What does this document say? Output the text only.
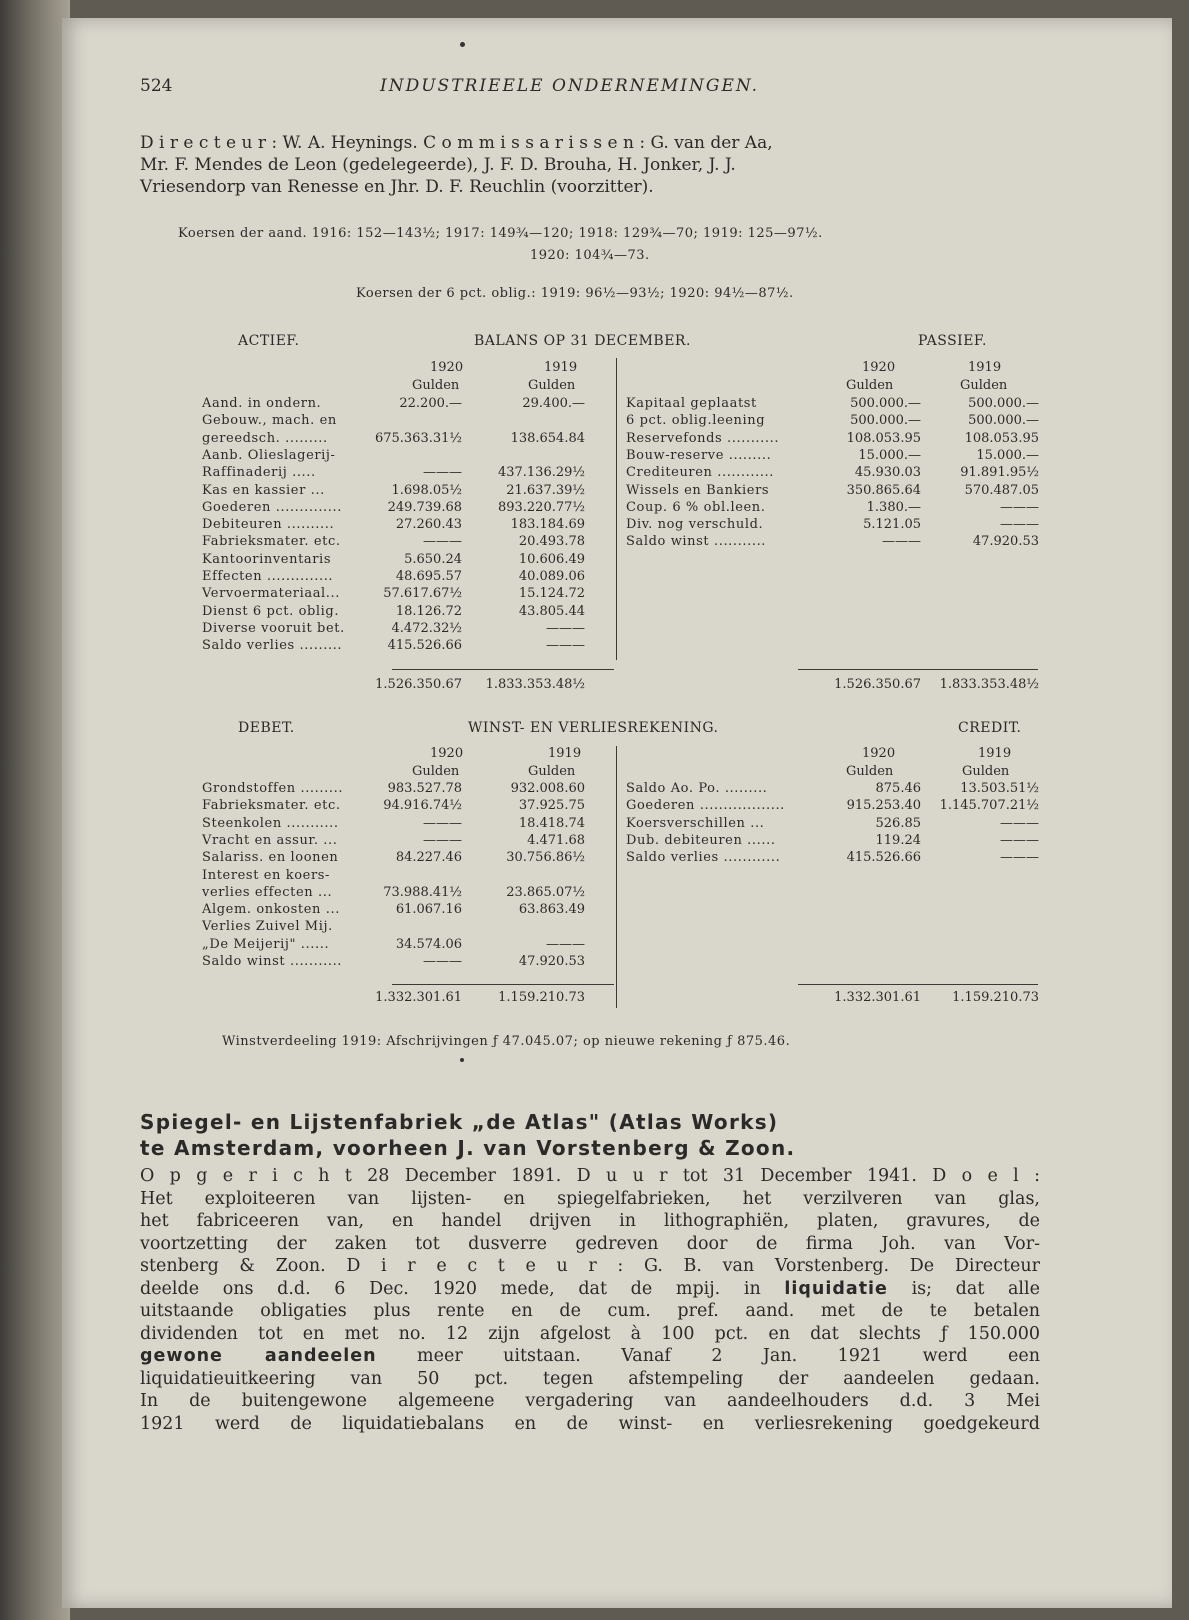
524	INDUSTRIEELE ONDERNEMINGEN.
D i r e c t e u r : W. A. Heynings. C o m m i s s a r i s s e n : G. van der Aa,
Mr. F. Mendes de Leon (gedelegeerde), J. F. D. Brouha, H. Jonker, J. J.
Vriesendorp van Renesse en Jhr. D. F. Reuchlin (voorzitter).
Koersen der aand. 1916: 152—143½; 1917: 149¾—120; 1918: 129¾—70; 1919: 125—97½.
1920: 104¾—73.
Koersen der 6 pct. oblig.: 1919: 96½—93½; 1920: 94½—87½.
ACTIEF.	BALANS OP 31 DECEMBER.	PASSIEF.
1920	1919
Gulden	Gulden
1920	1919
Gulden	Gulden
Aand. in ondern.	22.200.—	29.400.—
Gebouw., mach. en
gereedsch. .........	675.363.31½	138.654.84
Aanb. Olieslagerij-
Raffinaderij .....	———	437.136.29½
Kas en kassier ...	1.698.05½	21.637.39½
Goederen ..............	249.739.68	893.220.77½
Debiteuren ..........	27.260.43	183.184.69
Fabrieksmater. etc.	———	20.493.78
Kantoorinventaris	5.650.24	10.606.49
Effecten ..............	48.695.57	40.089.06
Vervoermateriaal...	57.617.67½	15.124.72
Dienst 6 pct. oblig.	18.126.72	43.805.44
Diverse vooruit bet.	4.472.32½	———
Saldo verlies .........	415.526.66	———
Kapitaal geplaatst	500.000.—	500.000.—
6 pct. oblig.leening	500.000.—	500.000.—
Reservefonds ...........	108.053.95	108.053.95
Bouw-reserve .........	15.000.—	15.000.—
Crediteuren ............	45.930.03	91.891.95½
Wissels en Bankiers	350.865.64	570.487.05
Coup. 6 % obl.leen.	1.380.—	———
Div. nog verschuld.	5.121.05	———
Saldo winst ...........	———	47.920.53
1.526.350.67 1.833.353.48½	1.526.350.67 1.833.353.48½
DEBET.	WINST- EN VERLIESREKENING.	CREDIT.
1920	1919
Gulden	Gulden
1920	1919
Gulden	Gulden
Grondstoffen .........	983.527.78	932.008.60
Fabrieksmater. etc.	94.916.74½	37.925.75
Steenkolen ...........	———	18.418.74
Vracht en assur. ...	———	4.471.68
Salariss. en loonen	84.227.46	30.756.86½
Interest en koers-
verlies effecten ...	73.988.41½	23.865.07½
Algem. onkosten ...	61.067.16	63.863.49
Verlies Zuivel Mij.
„De Meijerij" ......	34.574.06	———
Saldo winst ...........	———	47.920.53
Saldo Ao. Po. .........	875.46	13.503.51½
Goederen ..................	915.253.40 1.145.707.21½
Koersverschillen ...	526.85	———
Dub. debiteuren ......	119.24	———
Saldo verlies ............	415.526.66	———
1.332.301.61	1.159.210.73	1.332.301.61 1.159.210.73
Winstverdeeling 1919: Afschrijvingen ƒ 47.045.07; op nieuwe rekening ƒ 875.46.
Spiegel- en Lijstenfabriek „de Atlas" (Atlas Works)
te Amsterdam, voorheen J. van Vorstenberg & Zoon.
O p g e r i c h t 28 December 1891. D u u r tot 31 December 1941. D o e l :
Het exploiteeren van lijsten- en spiegelfabrieken, het verzilveren van glas,
het fabriceeren van, en handel drijven in lithographiën, platen, gravures, de
voortzetting der zaken tot dusverre gedreven door de firma Joh. van Vor-
stenberg & Zoon. D i r e c t e u r : G. B. van Vorstenberg. De Directeur
deelde ons d.d. 6 Dec. 1920 mede, dat de mpij. in liquidatie is; dat alle
uitstaande obligaties plus rente en de cum. pref. aand. met de te betalen
dividenden tot en met no. 12 zijn afgelost à 100 pct. en dat slechts ƒ 150.000
gewone aandeelen meer uitstaan. Vanaf 2 Jan. 1921 werd een
liquidatieuitkeering van 50 pct. tegen afstempeling der aandeelen gedaan.
In de buitengewone algemeene vergadering van aandeelhouders d.d. 3 Mei
1921 werd de liquidatiebalans en de winst- en verliesrekening goedgekeurd
